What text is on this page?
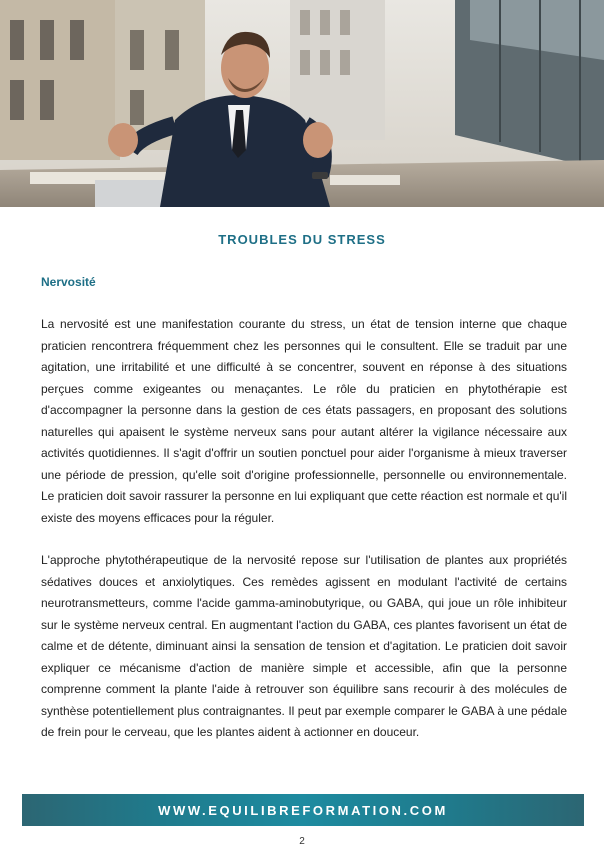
TROUBLES DU STRESS
Nervosité

La nervosité est une manifestation courante du stress, un état de tension interne que chaque praticien rencontrera fréquemment chez les personnes qui le consultent. Elle se traduit par une agitation, une irritabilité et une difficulté à se concentrer, souvent en réponse à des situations perçues comme exigeantes ou menaçantes. Le rôle du praticien en phytothérapie est d'accompagner la personne dans la gestion de ces états passagers, en proposant des solutions naturelles qui apaisent le système nerveux sans pour autant altérer la vigilance nécessaire aux activités quotidiennes. Il s'agit d'offrir un soutien ponctuel pour aider l'organisme à mieux traverser une période de pression, qu'elle soit d'origine professionnelle, personnelle ou environnementale. Le praticien doit savoir rassurer la personne en lui expliquant que cette réaction est normale et qu'il existe des moyens efficaces pour la réguler.

L'approche phytothérapeutique de la nervosité repose sur l'utilisation de plantes aux propriétés sédatives douces et anxiolytiques. Ces remèdes agissent en modulant l'activité de certains neurotransmetteurs, comme l'acide gamma-aminobutyrique, ou GABA, qui joue un rôle inhibiteur sur le système nerveux central. En augmentant l'action du GABA, ces plantes favorisent un état de calme et de détente, diminuant ainsi la sensation de tension et d'agitation. Le praticien doit savoir expliquer ce mécanisme d'action de manière simple et accessible, afin que la personne comprenne comment la plante l'aide à retrouver son équilibre sans recourir à des molécules de synthèse potentiellement plus contraignantes. Il peut par exemple comparer le GABA à une pédale de frein pour le cerveau, que les plantes aident à actionner en douceur.

WWW.EQUILIBREFORMATION.COM
2
